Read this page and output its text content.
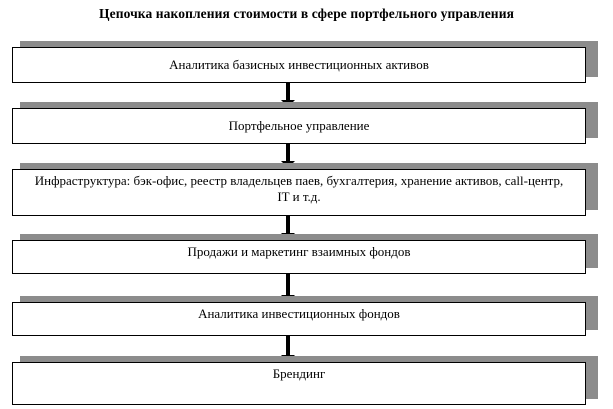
Цепочка накопления стоимости в сфере портфельного управления
Аналитика базисных инвестиционных активов
Портфельное управление
Инфраструктура: бэк-офис, реестр владельцев паев, бухгалтерия, хранение активов, call-центр, IT и т.д.
Продажи и маркетинг взаимных фондов
Аналитика инвестиционных фондов
Брендинг
